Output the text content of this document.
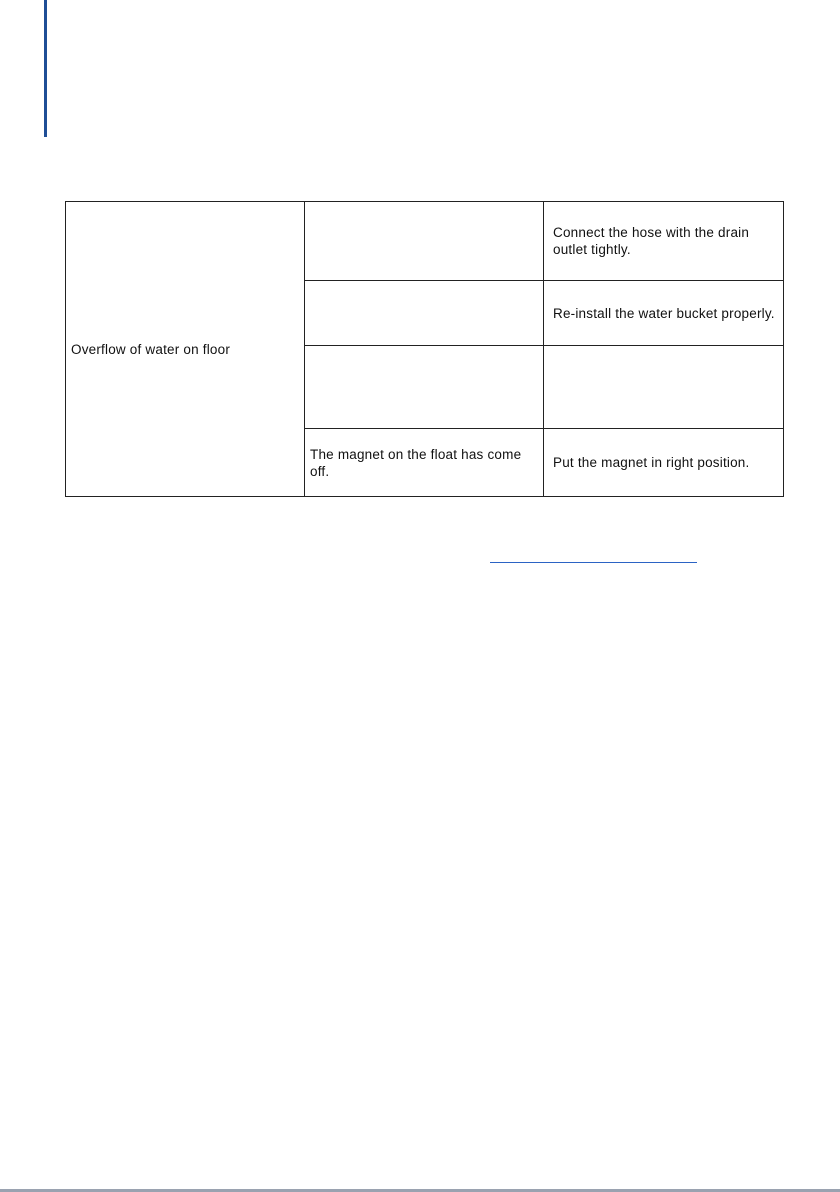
Overflow of water on floor		Connect the hose with the drain outlet tightly.
		Re-install the water bucket properly.

	The magnet on the float has come off.	Put the magnet in right position.
